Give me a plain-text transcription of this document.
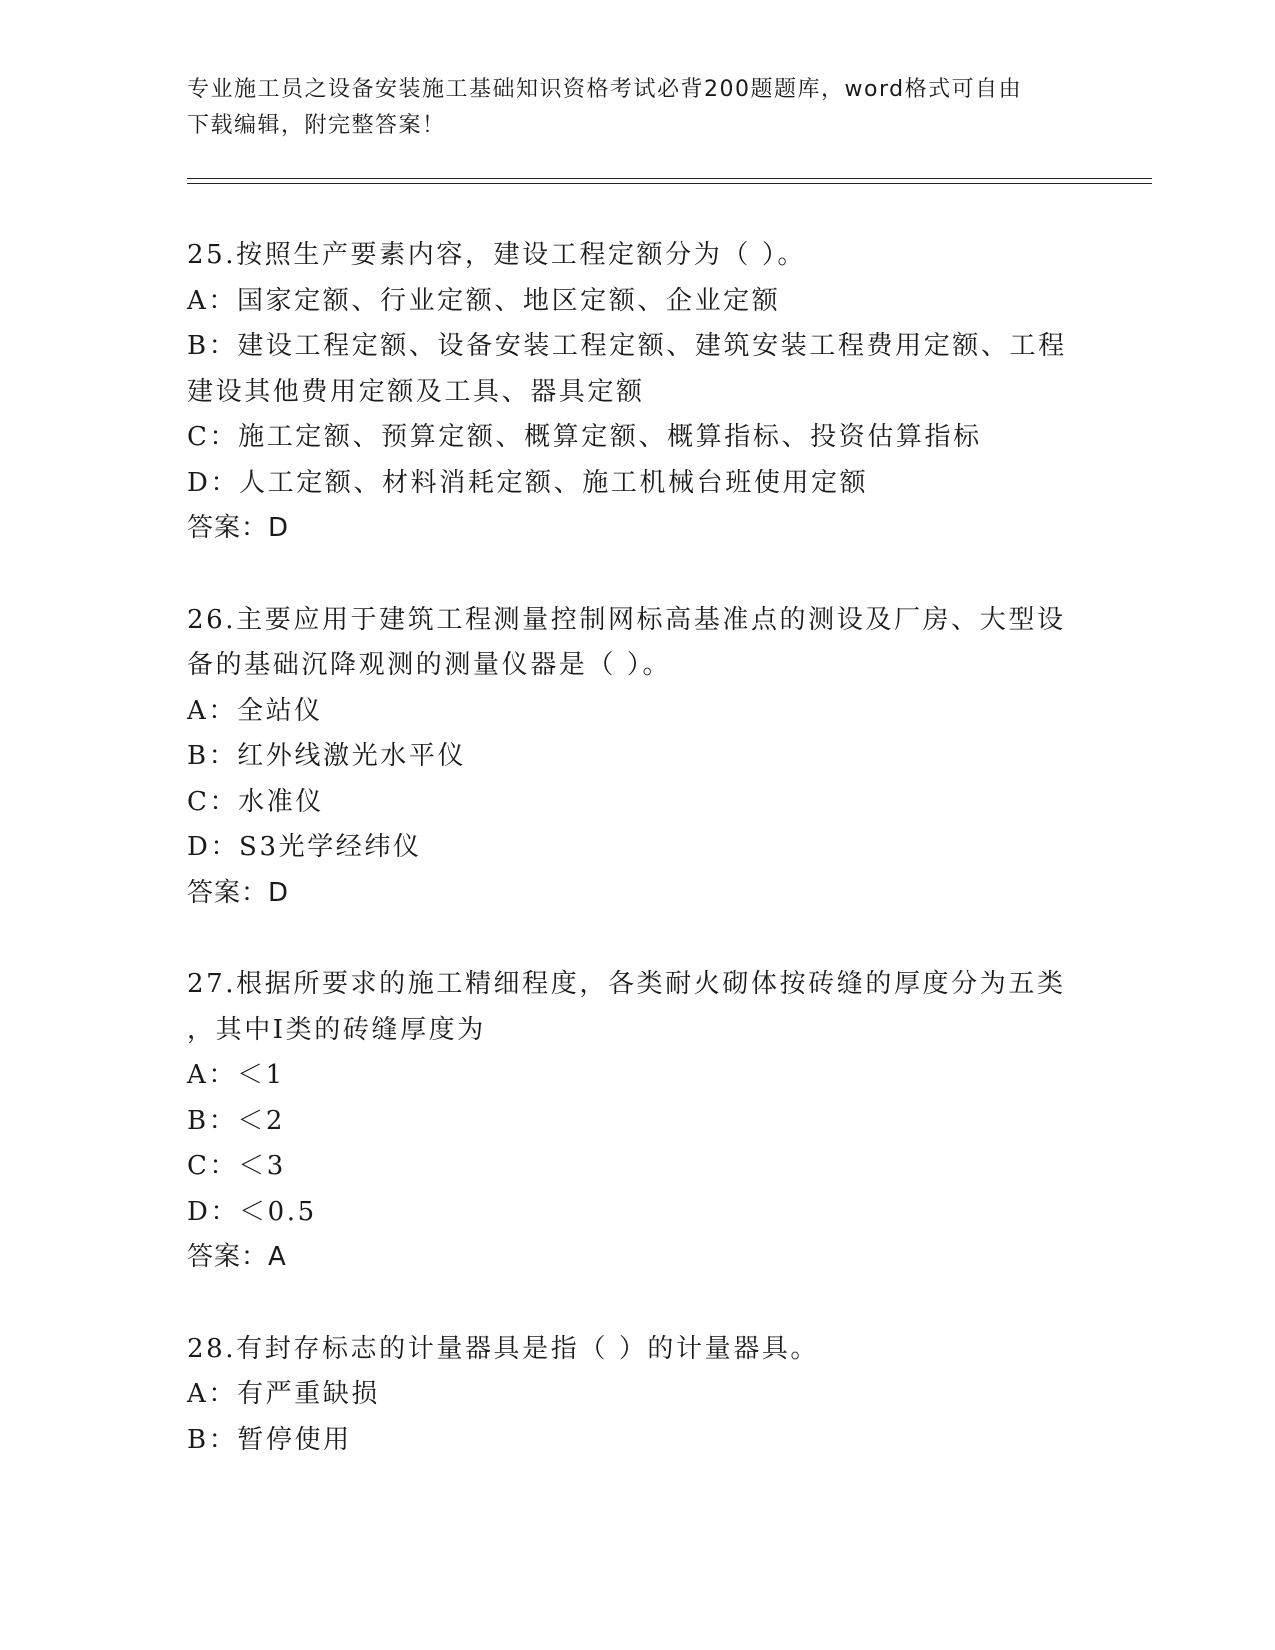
专业施工员之设备安装施工基础知识资格考试必背200题题库，word格式可自由
下载编辑，附完整答案！
25.按照生产要素内容，建设工程定额分为（ ）。
A：国家定额、行业定额、地区定额、企业定额
B：建设工程定额、设备安装工程定额、建筑安装工程费用定额、工程
建设其他费用定额及工具、器具定额
C：施工定额、预算定额、概算定额、概算指标、投资估算指标
D：人工定额、材料消耗定额、施工机械台班使用定额
答案：D
26.主要应用于建筑工程测量控制网标高基准点的测设及厂房、大型设
备的基础沉降观测的测量仪器是（ ）。
A：全站仪
B：红外线激光水平仪
C：水准仪
D：S3光学经纬仪
答案：D
27.根据所要求的施工精细程度，各类耐火砌体按砖缝的厚度分为五类
，其中Ⅰ类的砖缝厚度为
A：＜1
B：＜2
C：＜3
D：＜0.5
答案：A
28.有封存标志的计量器具是指（ ）的计量器具。
A：有严重缺损
B：暂停使用
